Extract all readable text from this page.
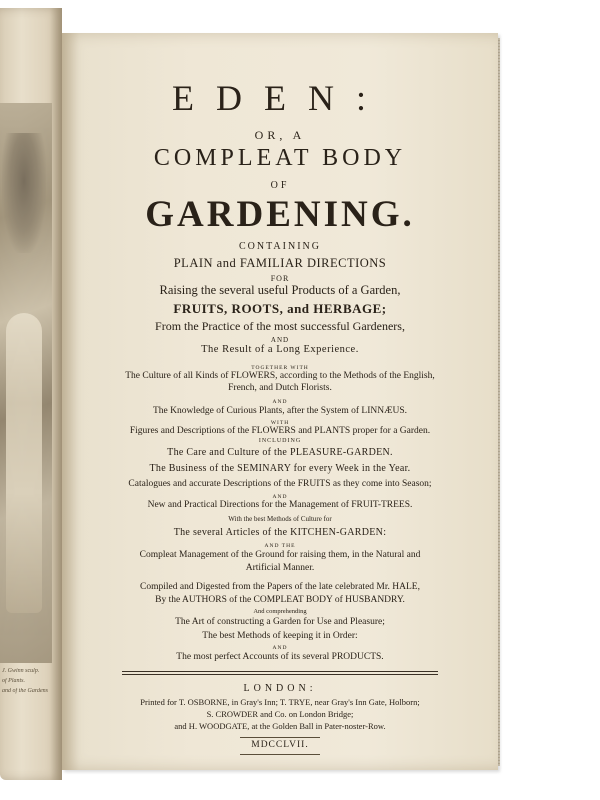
J. Gwinn sculp.
of Plants.
and of the Gardens
EDEN:
OR, A
COMPLEAT BODY
OF
GARDENING.
CONTAINING
PLAIN and FAMILIAR DIRECTIONS
FOR
Raising the several useful Products of a Garden,
FRUITS, ROOTS, and HERBAGE;
From the Practice of the most successful Gardeners,
AND
The Result of a Long Experience.
TOGETHER WITH
The Culture of all Kinds of FLOWERS, according to the Methods of the English,
French, and Dutch Florists.
AND
The Knowledge of Curious Plants, after the System of LINNÆUS.
WITH
Figures and Descriptions of the FLOWERS and PLANTS proper for a Garden.
INCLUDING
The Care and Culture of the PLEASURE-GARDEN.
The Business of the SEMINARY for every Week in the Year.
Catalogues and accurate Descriptions of the FRUITS as they come into Season;
AND
New and Practical Directions for the Management of FRUIT-TREES.
With the best Methods of Culture for
The several Articles of the KITCHEN-GARDEN:
AND THE
Compleat Management of the Ground for raising them, in the Natural and
Artificial Manner.
Compiled and Digested from the Papers of the late celebrated Mr. HALE,
By the AUTHORS of the COMPLEAT BODY of HUSBANDRY.
And comprehending
The Art of constructing a Garden for Use and Pleasure;
The best Methods of keeping it in Order:
AND
The most perfect Accounts of its several PRODUCTS.
LONDON:
Printed for T. OSBORNE, in Gray's Inn; T. TRYE, near Gray's Inn Gate, Holborn;
S. CROWDER and Co. on London Bridge;
and H. WOODGATE, at the Golden Ball in Pater-noster-Row.
MDCCLVII.
